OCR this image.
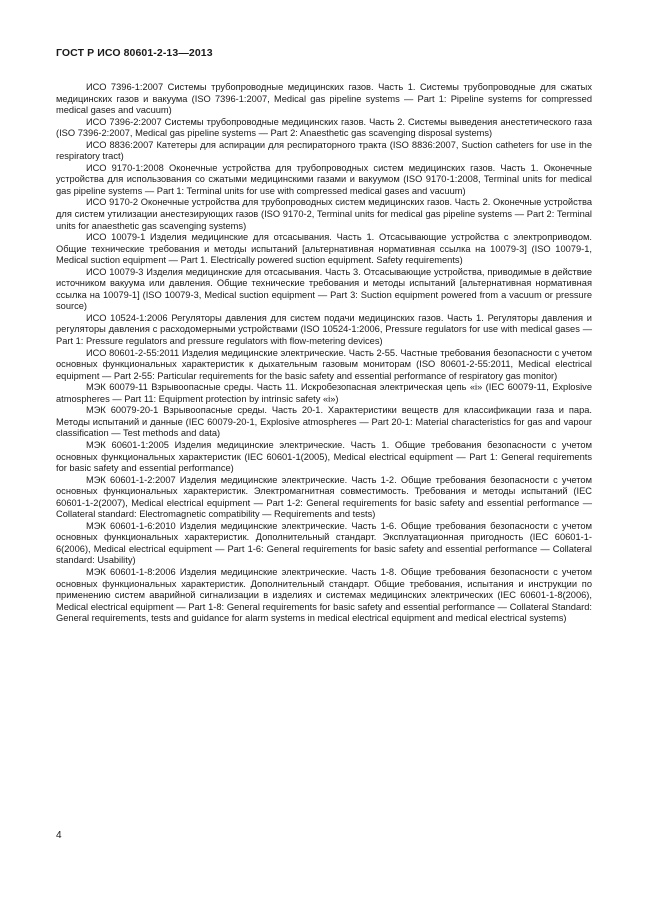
ГОСТ Р ИСО 80601-2-13—2013

ИСО 7396-1:2007 Системы трубопроводные медицинских газов. Часть 1. Системы трубопроводные для сжатых медицинских газов и вакуума (ISO 7396-1:2007, Medical gas pipeline systems — Part 1: Pipeline systems for compressed medical gases and vacuum)

ИСО 7396-2:2007 Системы трубопроводные медицинских газов. Часть 2. Системы выведения анестетического газа (ISO 7396-2:2007, Medical gas pipeline systems — Part 2: Anaesthetic gas scavenging disposal systems)

ИСО 8836:2007 Катетеры для аспирации для респираторного тракта (ISO 8836:2007, Suction catheters for use in the respiratory tract)

ИСО 9170-1:2008 Оконечные устройства для трубопроводных систем медицинских газов. Часть 1. Оконечные устройства для использования со сжатыми медицинскими газами и вакуумом (ISO 9170-1:2008, Terminal units for medical gas pipeline systems — Part 1: Terminal units for use with compressed medical gases and vacuum)

ИСО 9170-2 Оконечные устройства для трубопроводных систем медицинских газов. Часть 2. Оконечные устройства для систем утилизации анестезирующих газов (ISO 9170-2, Terminal units for medical gas pipeline systems — Part 2: Terminal units for anaesthetic gas scavenging systems)

ИСО 10079-1 Изделия медицинские для отсасывания. Часть 1. Отсасывающие устройства с электроприводом. Общие технические требования и методы испытаний [альтернативная нормативная ссылка на 10079-3] (ISO 10079-1, Medical suction equipment — Part 1. Electrically powered suction equipment. Safety requirements)

ИСО 10079-3 Изделия медицинские для отсасывания. Часть 3. Отсасывающие устройства, приводимые в действие источником вакуума или давления. Общие технические требования и методы испытаний [альтернативная нормативная ссылка на 10079-1] (ISO 10079-3, Medical suction equipment — Part 3: Suction equipment powered from a vacuum or pressure source)

ИСО 10524-1:2006 Регуляторы давления для систем подачи медицинских газов. Часть 1. Регуляторы давления и регуляторы давления с расходомерными устройствами (ISO 10524-1:2006, Pressure regulators for use with medical gases — Part 1: Pressure regulators and pressure regulators with flow-metering devices)

ИСО 80601-2-55:2011 Изделия медицинские электрические. Часть 2-55. Частные требования безопасности с учетом основных функциональных характеристик к дыхательным газовым мониторам (ISO 80601-2-55:2011, Medical electrical equipment — Part 2-55: Particular requirements for the basic safety and essential performance of respiratory gas monitor)

МЭК 60079-11 Взрывоопасные среды. Часть 11. Искробезопасная электрическая цепь «i» (IEC 60079-11, Explosive atmospheres — Part 11: Equipment protection by intrinsic safety «i»)

МЭК 60079-20-1 Взрывоопасные среды. Часть 20-1. Характеристики веществ для классификации газа и пара. Методы испытаний и данные (IEC 60079-20-1, Explosive atmospheres — Part 20-1: Material characteristics for gas and vapour classification — Test methods and data)

МЭК 60601-1:2005 Изделия медицинские электрические. Часть 1. Общие требования безопасности с учетом основных функциональных характеристик (IEC 60601-1(2005), Medical electrical equipment — Part 1: General requirements for basic safety and essential performance)

МЭК 60601-1-2:2007 Изделия медицинские электрические. Часть 1-2. Общие требования безопасности с учетом основных функциональных характеристик. Электромагнитная совместимость. Требования и методы испытаний (IEC 60601-1-2(2007), Medical electrical equipment — Part 1-2: General requirements for basic safety and essential performance — Collateral standard: Electromagnetic compatibility — Requirements and tests)

МЭК 60601-1-6:2010 Изделия медицинские электрические. Часть 1-6. Общие требования безопасности с учетом основных функциональных характеристик. Дополнительный стандарт. Эксплуатационная пригодность (IEC 60601-1-6(2006), Medical electrical equipment — Part 1-6: General requirements for basic safety and essential performance — Collateral standard: Usability)

МЭК 60601-1-8:2006 Изделия медицинские электрические. Часть 1-8. Общие требования безопасности с учетом основных функциональных характеристик. Дополнительный стандарт. Общие требования, испытания и инструкции по применению систем аварийной сигнализации в изделиях и системах медицинских электрических (IEC 60601-1-8(2006), Medical electrical equipment — Part 1-8: General requirements for basic safety and essential performance — Collateral Standard: General requirements, tests and guidance for alarm systems in medical electrical equipment and medical electrical systems)

4
